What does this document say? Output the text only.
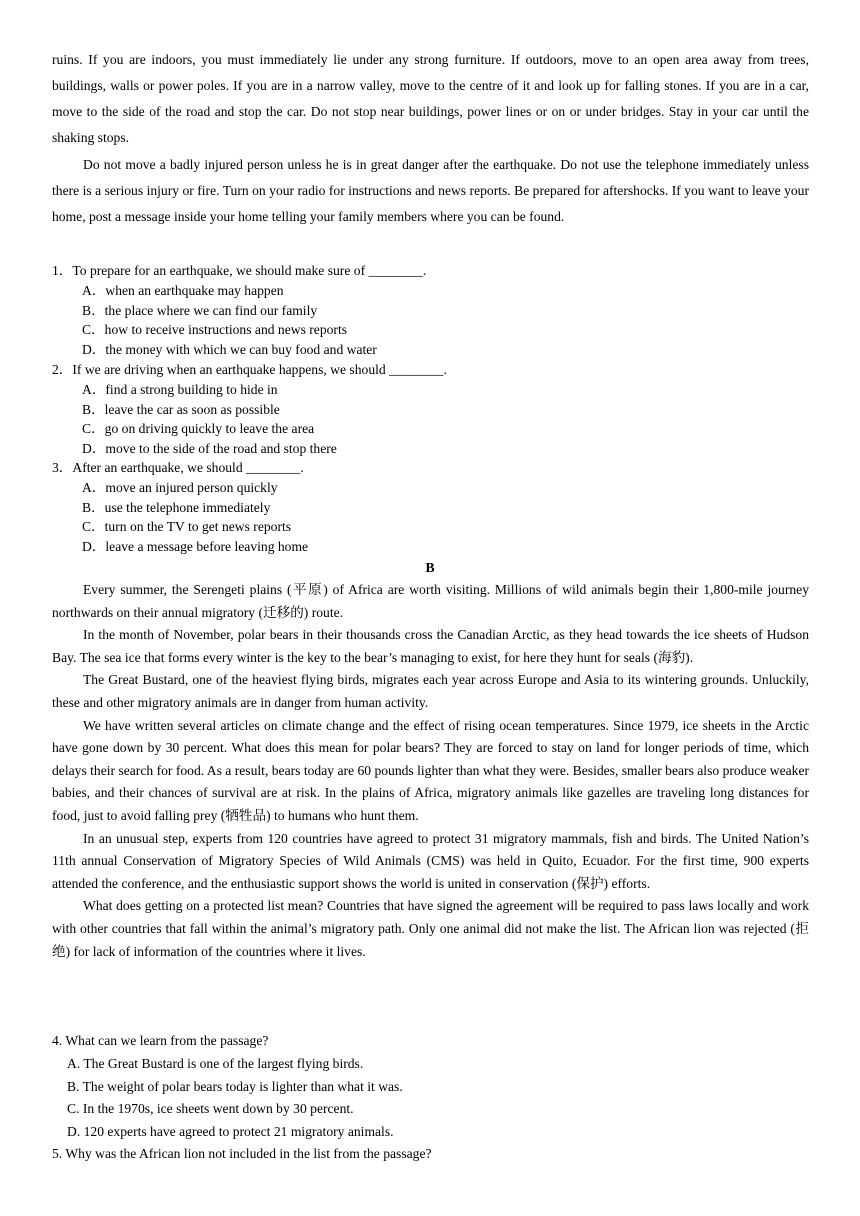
ruins. If you are indoors, you must immediately lie under any strong furniture. If outdoors, move to an open area away from trees, buildings, walls or power poles. If you are in a narrow valley, move to the centre of it and look up for falling stones. If you are in a car, move to the side of the road and stop the car. Do not stop near buildings, power lines or on or under bridges. Stay in your car until the shaking stops.

Do not move a badly injured person unless he is in great danger after the earthquake. Do not use the telephone immediately unless there is a serious injury or fire. Turn on your radio for instructions and news reports. Be prepared for aftershocks. If you want to leave your home, post a message inside your home telling your family members where you can be found.

1．To prepare for an earthquake, we should make sure of ________.

A．when an earthquake may happen
B．the place where we can find our family
C．how to receive instructions and news reports
D．the money with which we can buy food and water

2．If we are driving when an earthquake happens, we should ________.

A．find a strong building to hide in
B．leave the car as soon as possible
C．go on driving quickly to leave the area
D．move to the side of the road and stop there

3．After an earthquake, we should ________.

A．move an injured person quickly
B．use the telephone immediately
C．turn on the TV to get news reports
D．leave a message before leaving home

B

Every summer, the Serengeti plains (平原) of Africa are worth visiting. Millions of wild animals begin their 1,800-mile journey northwards on their annual migratory (迁移的) route.

In the month of November, polar bears in their thousands cross the Canadian Arctic, as they head towards the ice sheets of Hudson Bay. The sea ice that forms every winter is the key to the bear’s managing to exist, for here they hunt for seals (海豹).

The Great Bustard, one of the heaviest flying birds, migrates each year across Europe and Asia to its wintering grounds. Unluckily, these and other migratory animals are in danger from human activity.

We have written several articles on climate change and the effect of rising ocean temperatures. Since 1979, ice sheets in the Arctic have gone down by 30 percent. What does this mean for polar bears? They are forced to stay on land for longer periods of time, which delays their search for food. As a result, bears today are 60 pounds lighter than what they were. Besides, smaller bears also produce weaker babies, and their chances of survival are at risk. In the plains of Africa, migratory animals like gazelles are traveling long distances for food, just to avoid falling prey (牺牲品) to humans who hunt them.

In an unusual step, experts from 120 countries have agreed to protect 31 migratory mammals, fish and birds. The United Nation’s 11th annual Conservation of Migratory Species of Wild Animals (CMS) was held in Quito, Ecuador. For the first time, 900 experts attended the conference, and the enthusiastic support shows the world is united in conservation (保护) efforts.

What does getting on a protected list mean? Countries that have signed the agreement will be required to pass laws locally and work with other countries that fall within the animal’s migratory path. Only one animal did not make the list. The African lion was rejected (拒绝) for lack of information of the countries where it lives.

4. What can we learn from the passage?

A. The Great Bustard is one of the largest flying birds.
B. The weight of polar bears today is lighter than what it was.
C. In the 1970s, ice sheets went down by 30 percent.
D. 120 experts have agreed to protect 21 migratory animals.

5. Why was the African lion not included in the list from the passage?
